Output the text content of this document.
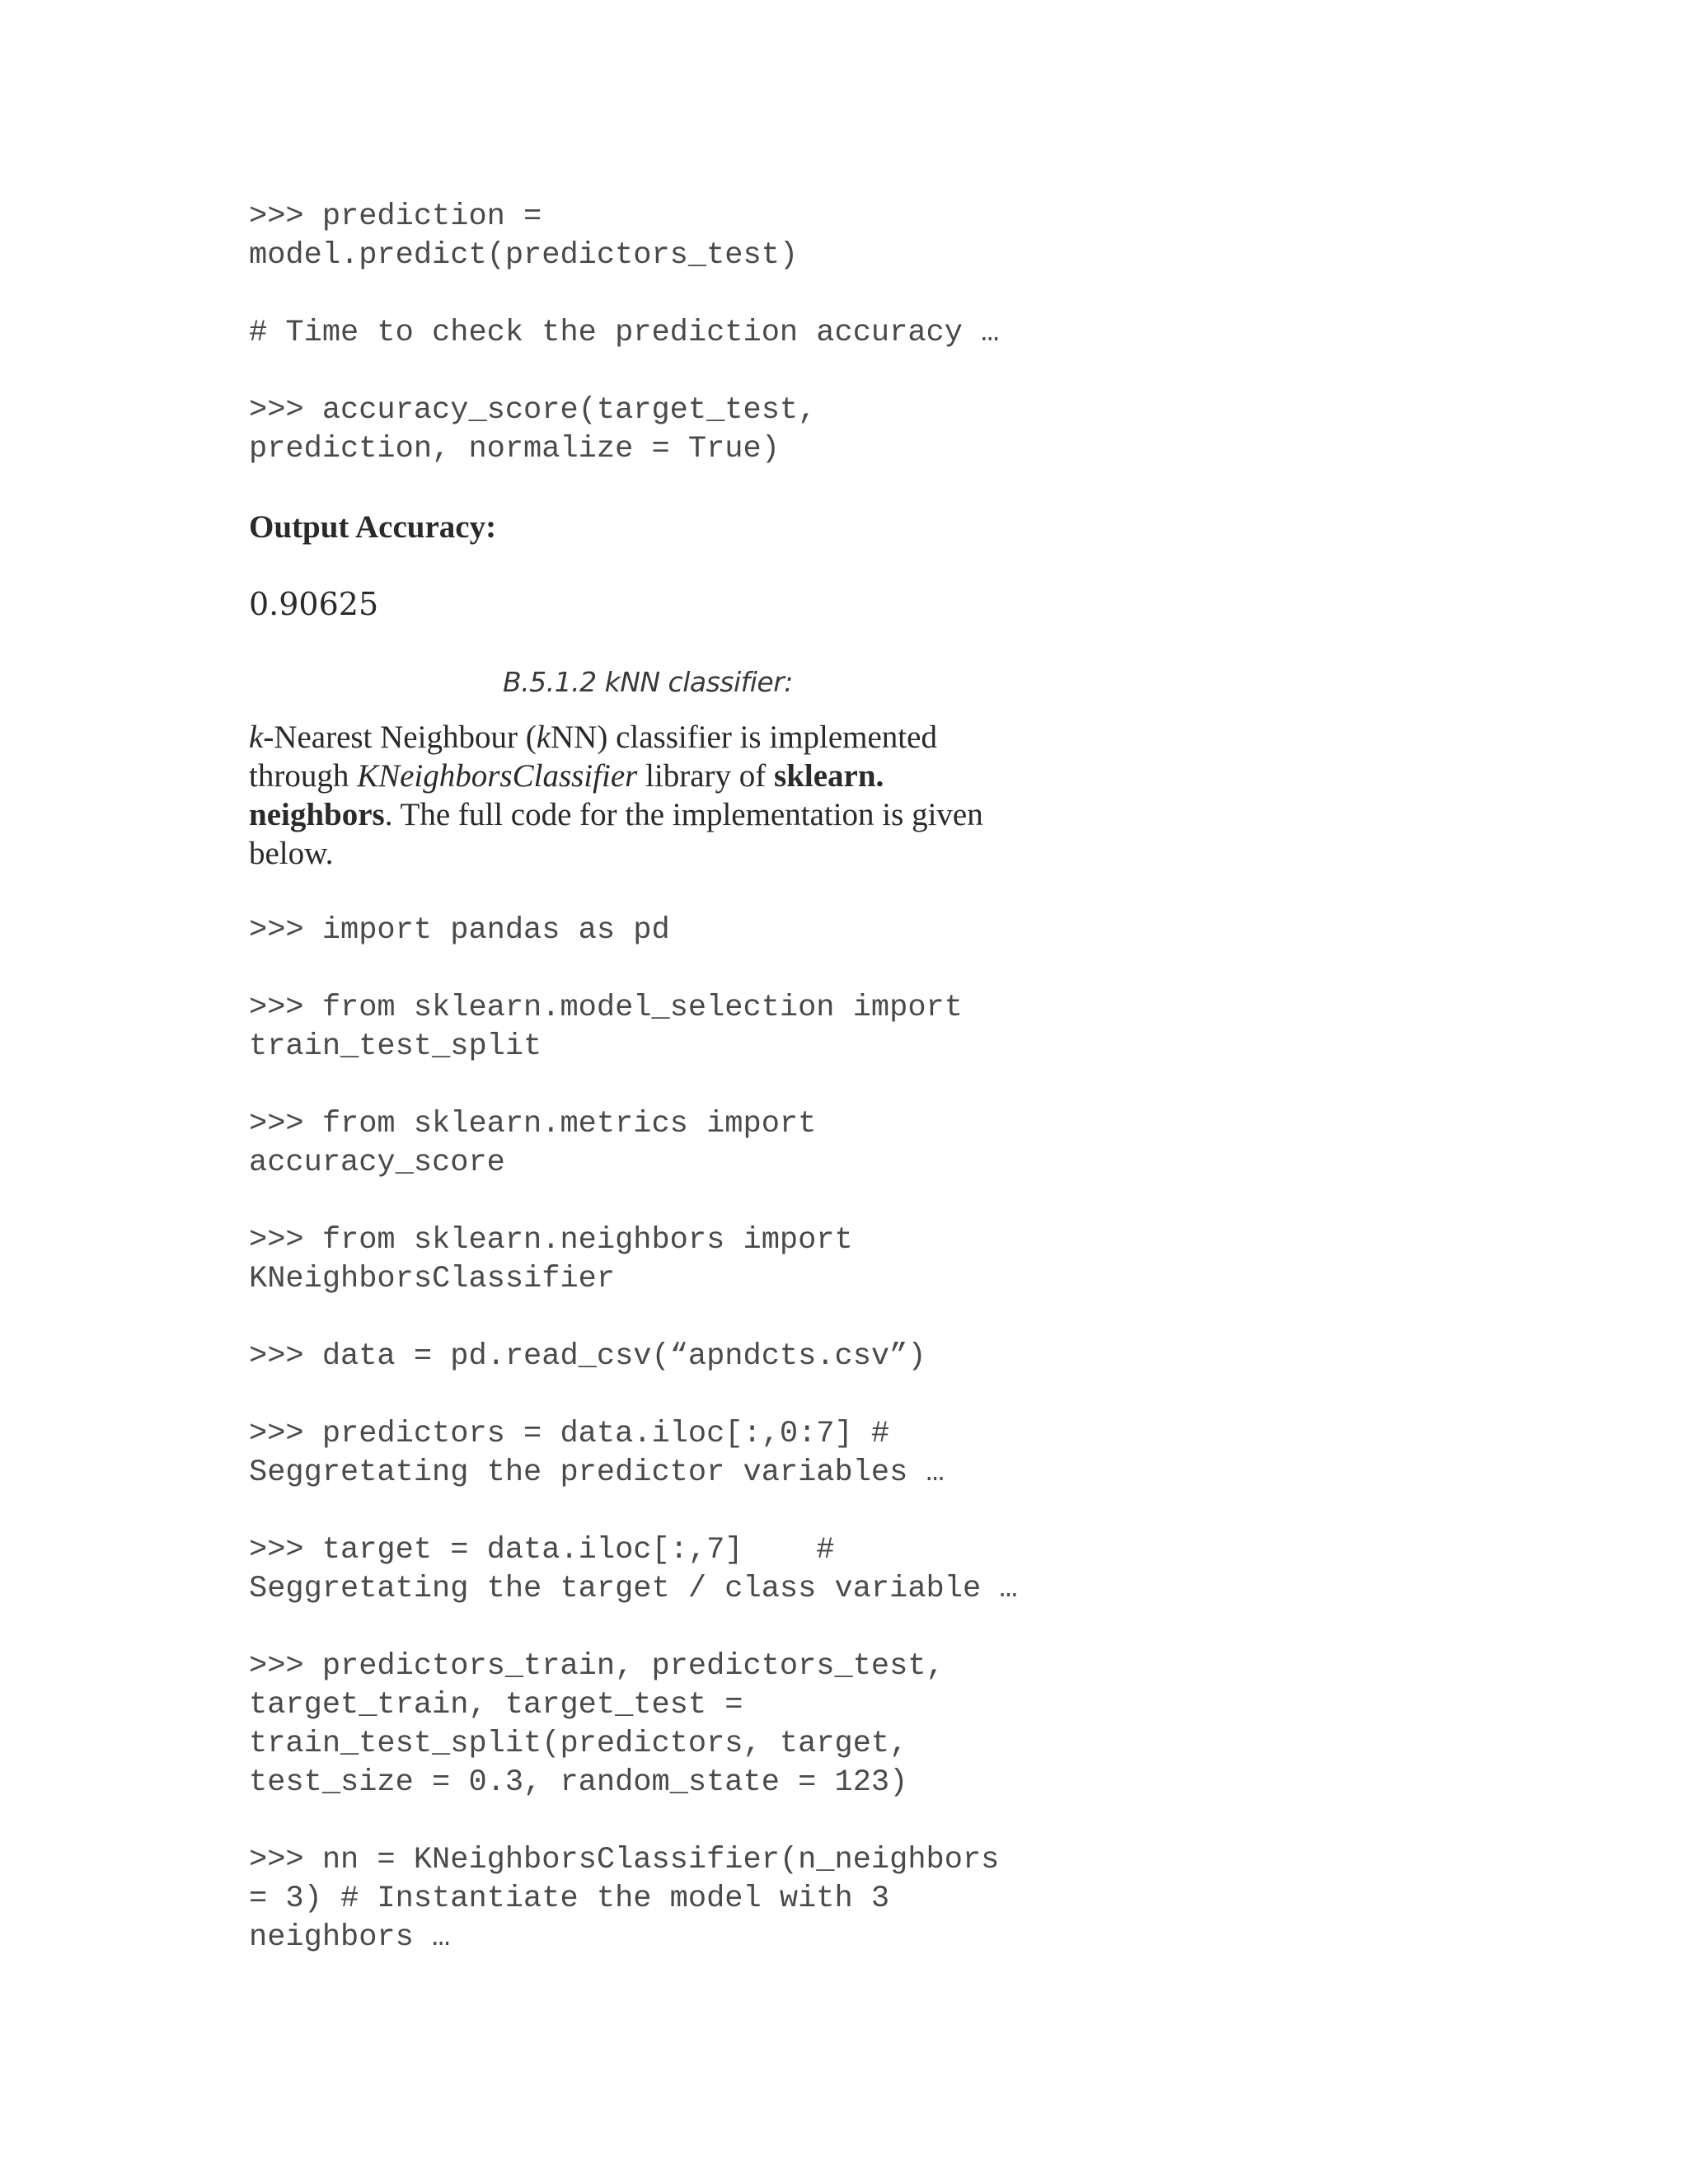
>>> prediction =
model.predict(predictors_test)
# Time to check the prediction accuracy …
>>> accuracy_score(target_test,
prediction, normalize = True)
Output Accuracy:
0.90625
B.5.1.2 kNN classifier:
k-Nearest Neighbour (kNN) classifier is implemented through KNeighborsClassifier library of sklearn. neighbors. The full code for the implementation is given below.
>>> import pandas as pd
>>> from sklearn.model_selection import
train_test_split
>>> from sklearn.metrics import
accuracy_score
>>> from sklearn.neighbors import
KNeighborsClassifier
>>> data = pd.read_csv(“apndcts.csv”)
>>> predictors = data.iloc[:,0:7] #
Seggretating the predictor variables …
>>> target = data.iloc[:,7]    #
Seggretating the target / class variable …
>>> predictors_train, predictors_test,
target_train, target_test =
train_test_split(predictors, target,
test_size = 0.3, random_state = 123)
>>> nn = KNeighborsClassifier(n_neighbors
= 3) # Instantiate the model with 3
neighbors …
